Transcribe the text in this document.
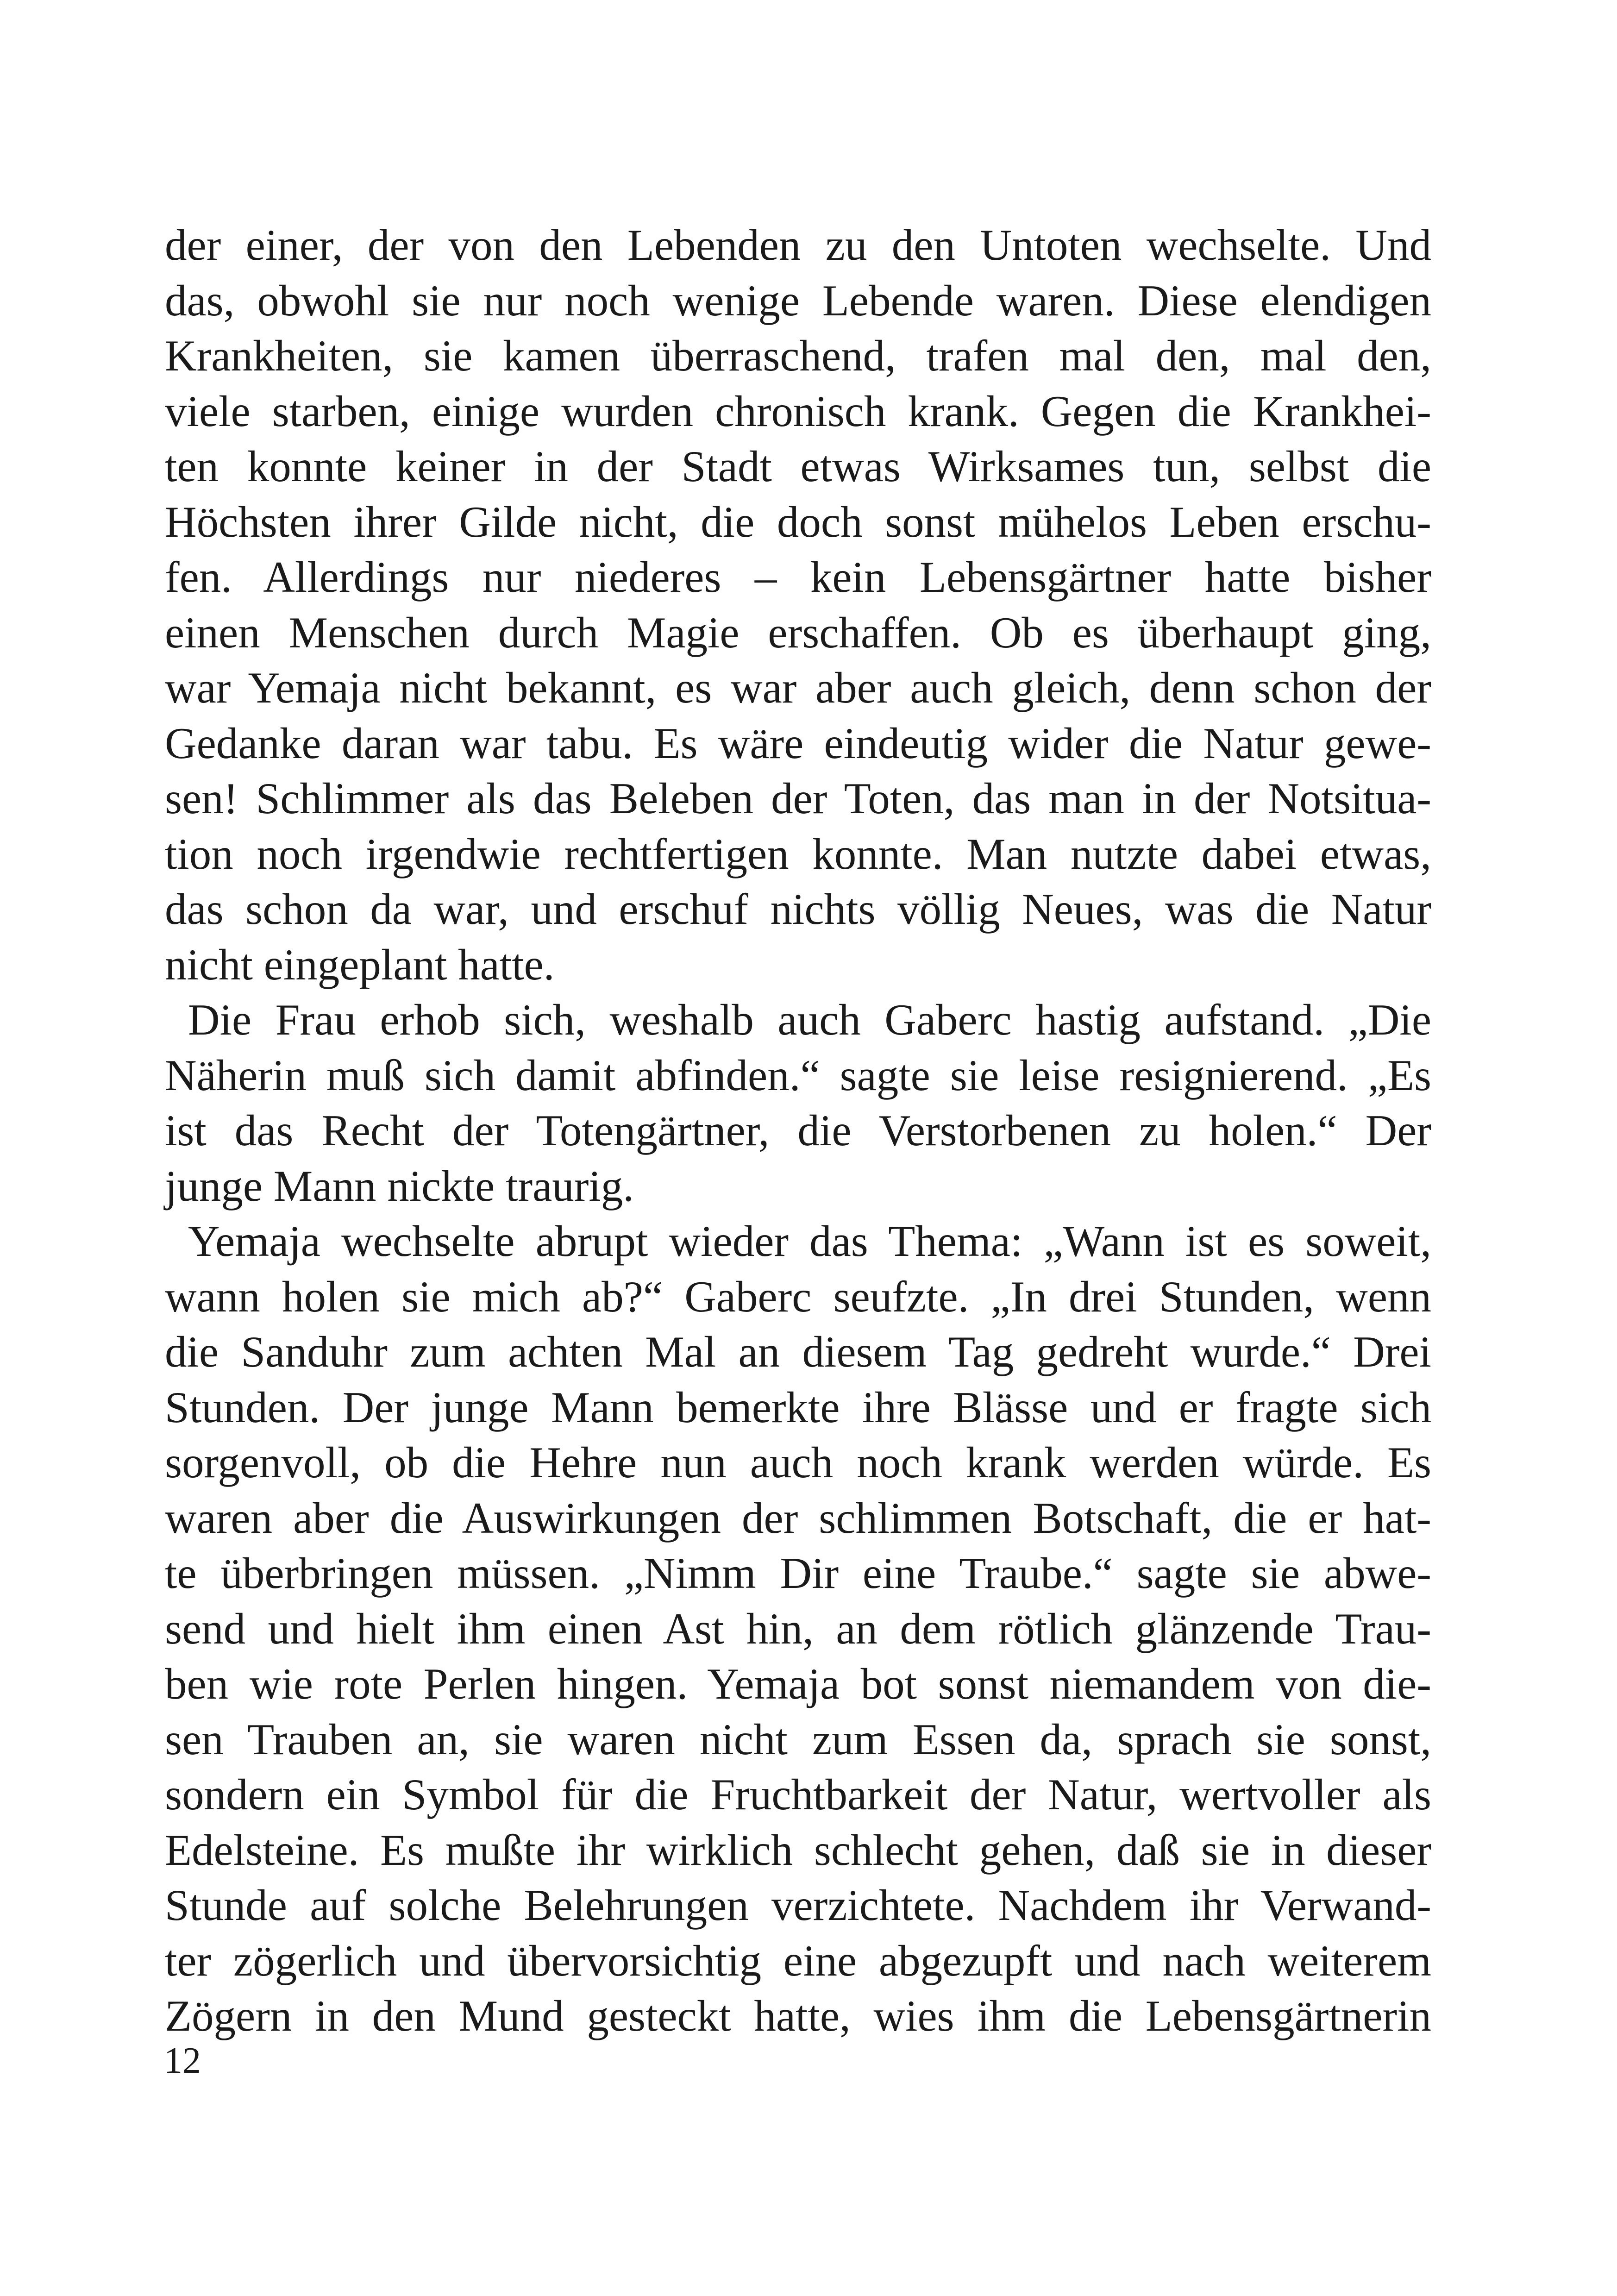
der einer, der von den Lebenden zu den Untoten wechselte. Und
das, obwohl sie nur noch wenige Lebende waren. Diese elendigen
Krankheiten, sie kamen überraschend, trafen mal den, mal den,
viele starben, einige wurden chronisch krank. Gegen die Krankhei-
ten konnte keiner in der Stadt etwas Wirksames tun, selbst die
Höchsten ihrer Gilde nicht, die doch sonst mühelos Leben erschu-
fen. Allerdings nur niederes – kein Lebensgärtner hatte bisher
einen Menschen durch Magie erschaffen. Ob es überhaupt ging,
war Yemaja nicht bekannt, es war aber auch gleich, denn schon der
Gedanke daran war tabu. Es wäre eindeutig wider die Natur gewe-
sen! Schlimmer als das Beleben der Toten, das man in der Notsitua-
tion noch irgendwie rechtfertigen konnte. Man nutzte dabei etwas,
das schon da war, und erschuf nichts völlig Neues, was die Natur
nicht eingeplant hatte.
Die Frau erhob sich, weshalb auch Gaberc hastig aufstand. „Die
Näherin muß sich damit abfinden.“ sagte sie leise resignierend. „Es
ist das Recht der Totengärtner, die Verstorbenen zu holen.“ Der
junge Mann nickte traurig.
Yemaja wechselte abrupt wieder das Thema: „Wann ist es soweit,
wann holen sie mich ab?“ Gaberc seufzte. „In drei Stunden, wenn
die Sanduhr zum achten Mal an diesem Tag gedreht wurde.“ Drei
Stunden. Der junge Mann bemerkte ihre Blässe und er fragte sich
sorgenvoll, ob die Hehre nun auch noch krank werden würde. Es
waren aber die Auswirkungen der schlimmen Botschaft, die er hat-
te überbringen müssen. „Nimm Dir eine Traube.“ sagte sie abwe-
send und hielt ihm einen Ast hin, an dem rötlich glänzende Trau-
ben wie rote Perlen hingen. Yemaja bot sonst niemandem von die-
sen Trauben an, sie waren nicht zum Essen da, sprach sie sonst,
sondern ein Symbol für die Fruchtbarkeit der Natur, wertvoller als
Edelsteine. Es mußte ihr wirklich schlecht gehen, daß sie in dieser
Stunde auf solche Belehrungen verzichtete. Nachdem ihr Verwand-
ter zögerlich und übervorsichtig eine abgezupft und nach weiterem
Zögern in den Mund gesteckt hatte, wies ihm die Lebensgärtnerin
12
